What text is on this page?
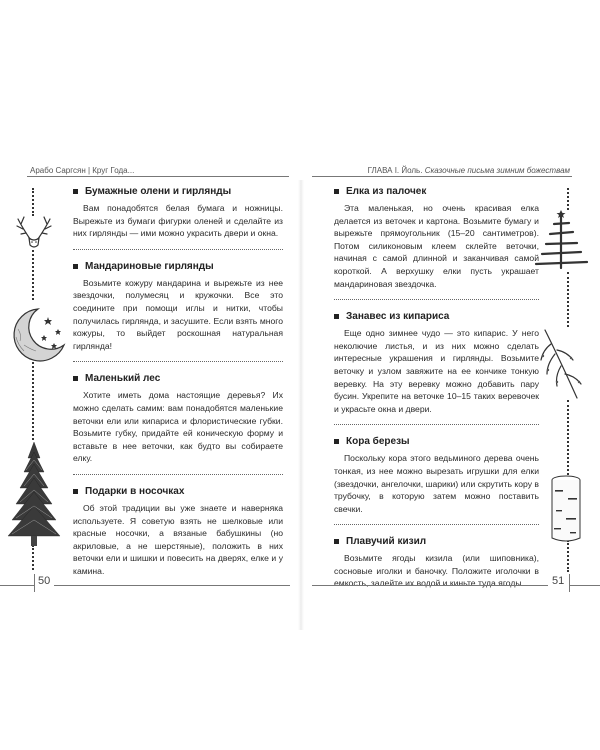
Арабо Саргсян | Круг Года...	ГЛАВА I. Йоль. Сказочные письма зимним божествам
Бумажные олени и гирлянды

Вам понадобятся белая бумага и ножницы. Вырежьте из бумаги фигурки оленей и сделайте из них гирлянды — ими можно украсить двери и окна.

Мандариновые гирлянды

Возьмите кожуру мандарина и вырежьте из нее звездочки, полумесяц и кружочки. Все это соедините при помощи иглы и нитки, чтобы получилась гирлянда, и засушите. Если взять много кожуры, то выйдет роскошная натуральная гирлянда!

Маленький лес

Хотите иметь дома настоящие деревья? Их можно сделать самим: вам понадобятся маленькие веточки ели или кипариса и флористические губки. Возьмите губку, придайте ей коническую форму и вставьте в нее веточки, как будто вы собираете елку.

Подарки в носочках

Об этой традиции вы уже знаете и наверняка используете. Я советую взять не шелковые или красные носочки, а вязаные бабушкины (но акриловые, а не шерстяные), положить в них веточки ели и шишки и повесить на дверях, елке и у камина.

Елка из палочек

Эта маленькая, но очень красивая елка делается из веточек и картона. Возьмите бумагу и вырежьте прямоугольник (15–20 сантиметров). Потом силиконовым клеем склейте веточки, начиная с самой длинной и заканчивая самой короткой. А верхушку елки пусть украшает мандариновая звездочка.

Занавес из кипариса

Еще одно зимнее чудо — это кипарис. У него неколючие листья, и из них можно сделать интересные украшения и гирлянды. Возьмите веточку и узлом завяжите на ее кончике тонкую веревку. На эту веревку можно добавить пару бусин. Укрепите на веточке 10–15 таких веревочек и украсьте окна и двери.

Кора березы

Поскольку кора этого ведьминого дерева очень тонкая, из нее можно вырезать игрушки для елки (звездочки, ангелочки, шарики) или скрутить кору в трубочку, в которую затем можно поставить свечки.

Плавучий кизил

Возьмите ягоды кизила (или шиповника), сосновые иголки и баночку. Положите иголочки в емкость, залейте их водой и киньте туда ягоды.

50	51
